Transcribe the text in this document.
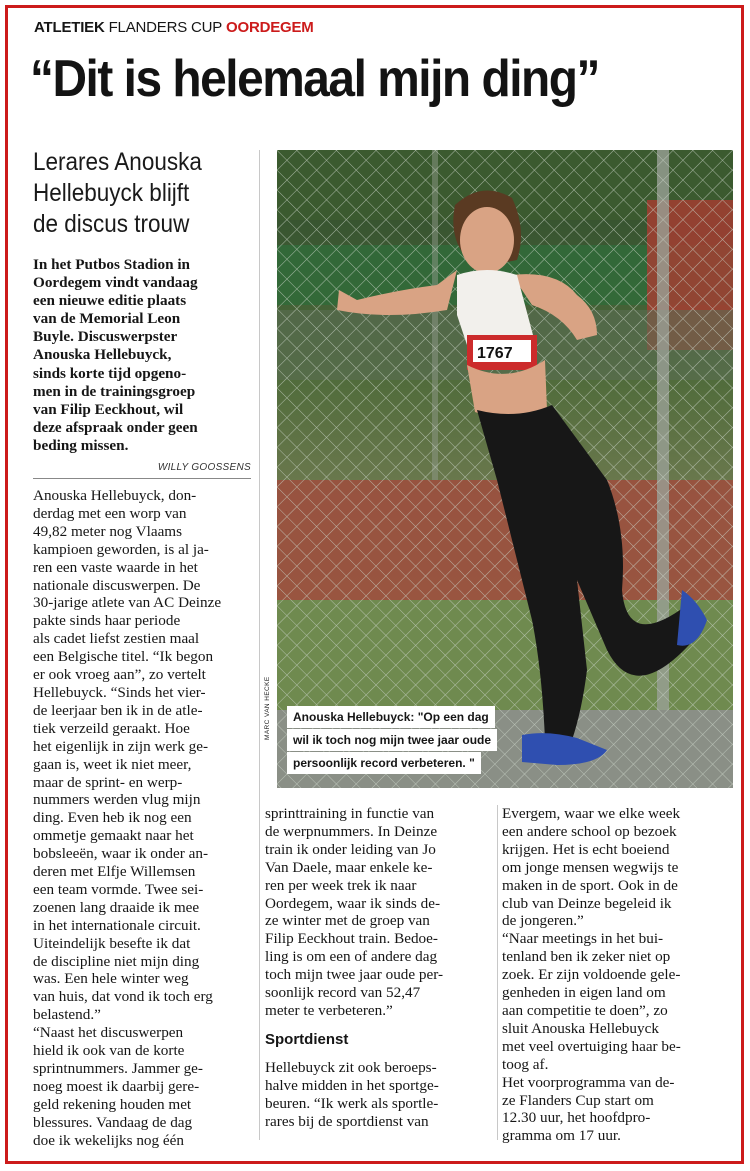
ATLETIEK FLANDERS CUP OORDEGEM
“Dit is helemaal mijn ding”
Lerares Anouska
Hellebuyck blijft
de discus trouw
In het Putbos Stadion in
Oordegem vindt vandaag
een nieuwe editie plaats
van de Memorial Leon
Buyle. Discuswerpster
Anouska Hellebuyck,
sinds korte tijd opgeno-
men in de trainingsgroep
van Filip Eeckhout, wil
deze afspraak onder geen
beding missen.
WILLY GOOSSENS
Anouska Hellebuyck, don-
derdag met een worp van
49,82 meter nog Vlaams
kampioen geworden, is al ja-
ren een vaste waarde in het
nationale discuswerpen. De
30-jarige atlete van AC Deinze
pakte sinds haar periode
als cadet liefst zestien maal
een Belgische titel. “Ik begon
er ook vroeg aan”, zo vertelt
Hellebuyck. “Sinds het vier-
de leerjaar ben ik in de atle-
tiek verzeild geraakt. Hoe
het eigenlijk in zijn werk ge-
gaan is, weet ik niet meer,
maar de sprint- en werp-
nummers werden vlug mijn
ding. Even heb ik nog een
ommetje gemaakt naar het
bobsleeën, waar ik onder an-
deren met Elfje Willemsen
een team vormde. Twee sei-
zoenen lang draaide ik mee
in het internationale circuit.
Uiteindelijk besefte ik dat
de discipline niet mijn ding
was. Een hele winter weg
van huis, dat vond ik toch erg
belastend.”
“Naast het discuswerpen
hield ik ook van de korte
sprintnummers. Jammer ge-
noeg moest ik daarbij gere-
geld rekening houden met
blessures. Vandaag de dag
doe ik wekelijks nog één
sprinttraining in functie van
de werpnummers. In Deinze
train ik onder leiding van Jo
Van Daele, maar enkele ke-
ren per week trek ik naar
Oordegem, waar ik sinds de-
ze winter met de groep van
Filip Eeckhout train. Bedoe-
ling is om een of andere dag
toch mijn twee jaar oude per-
soonlijk record van 52,47
meter te verbeteren.”
Sportdienst
Hellebuyck zit ook beroeps-
halve midden in het sportge-
beuren. “Ik werk als sportle-
rares bij de sportdienst van
Evergem, waar we elke week
een andere school op bezoek
krijgen. Het is echt boeiend
om jonge mensen wegwijs te
maken in de sport. Ook in de
club van Deinze begeleid ik
de jongeren.”
“Naar meetings in het bui-
tenland ben ik zeker niet op
zoek. Er zijn voldoende gele-
genheden in eigen land om
aan competitie te doen”, zo
sluit Anouska Hellebuyck
met veel overtuiging haar be-
toog af.
Het voorprogramma van de-
ze Flanders Cup start om
12.30 uur, het hoofdpro-
gramma om 17 uur.
1767
MARC VAN HECKE	Anouska Hellebuyck: "Op een dag
wil ik toch nog mijn twee jaar oude
persoonlijk record verbeteren. "
